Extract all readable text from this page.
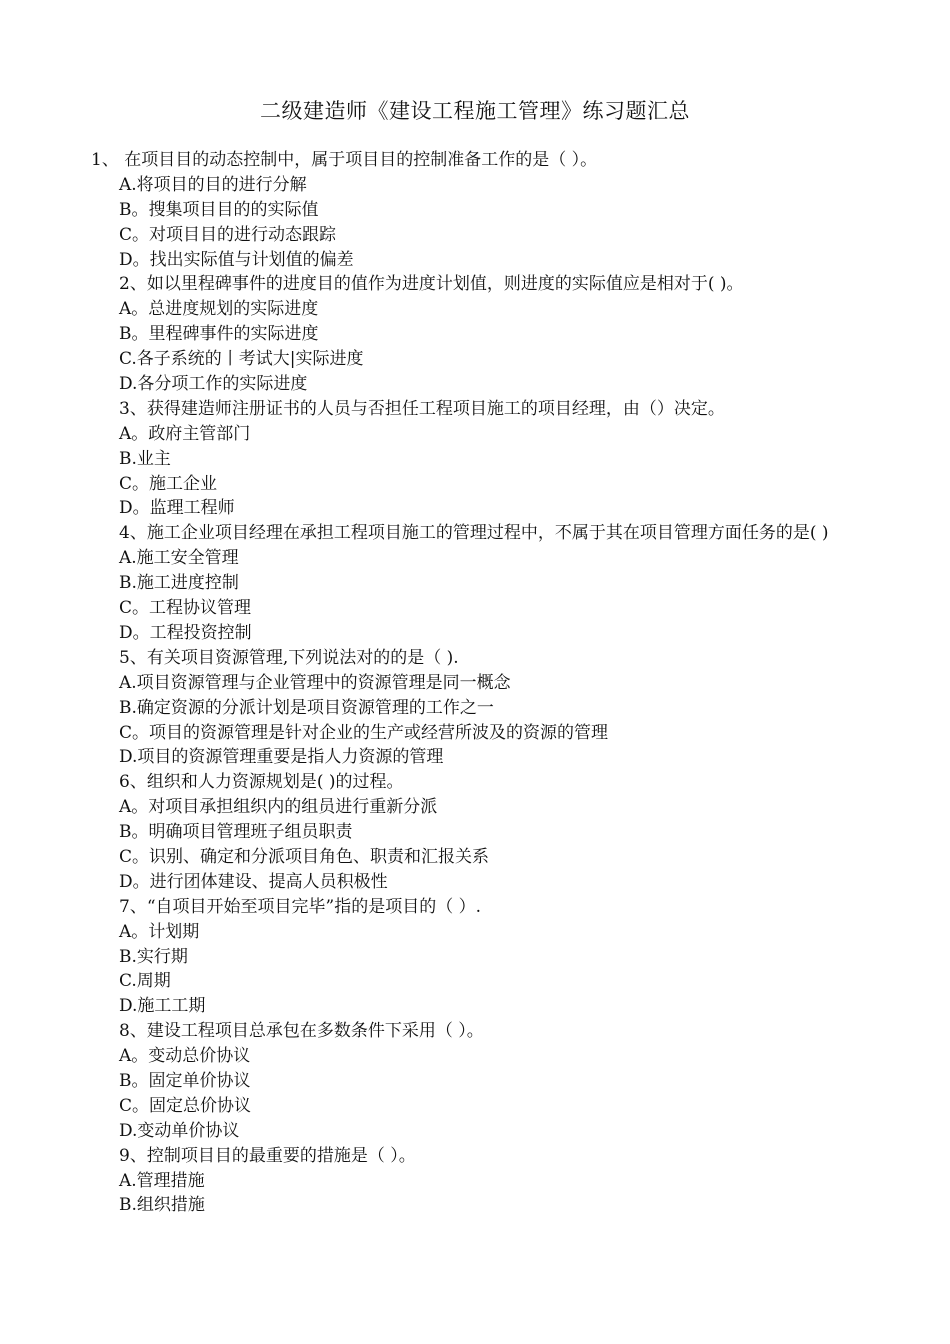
二级建造师《建设工程施工管理》练习题汇总
1、 在项目目的动态控制中，属于项目目的控制准备工作的是（ ）。
A.将项目的目的进行分解
B。搜集项目目的的实际值
C。对项目目的进行动态跟踪
D。找出实际值与计划值的偏差
2、如以里程碑事件的进度目的值作为进度计划值，则进度的实际值应是相对于( )。
A。总进度规划的实际进度
B。里程碑事件的实际进度
C.各子系统的丨考试大|实际进度
D.各分项工作的实际进度
3、获得建造师注册证书的人员与否担任工程项目施工的项目经理，由（）决定。
A。政府主管部门
B.业主
C。施工企业
D。监理工程师
4、施工企业项目经理在承担工程项目施工的管理过程中，不属于其在项目管理方面任务的是( )
A.施工安全管理
B.施工进度控制
C。工程协议管理
D。工程投资控制
5、有关项目资源管理,下列说法对的的是（ ).
A.项目资源管理与企业管理中的资源管理是同一概念
B.确定资源的分派计划是项目资源管理的工作之一
C。项目的资源管理是针对企业的生产或经营所波及的资源的管理
D.项目的资源管理重要是指人力资源的管理
6、组织和人力资源规划是( )的过程。
A。对项目承担组织内的组员进行重新分派
B。明确项目管理班子组员职责
C。识别、确定和分派项目角色、职责和汇报关系
D。进行团体建设、提高人员积极性
7、“自项目开始至项目完毕”指的是项目的（ ）.
A。计划期
B.实行期
C.周期
D.施工工期
8、建设工程项目总承包在多数条件下采用（ ）。
A。变动总价协议
B。固定单价协议
C。固定总价协议
D.变动单价协议
9、控制项目目的最重要的措施是（ ）。
A.管理措施
B.组织措施
